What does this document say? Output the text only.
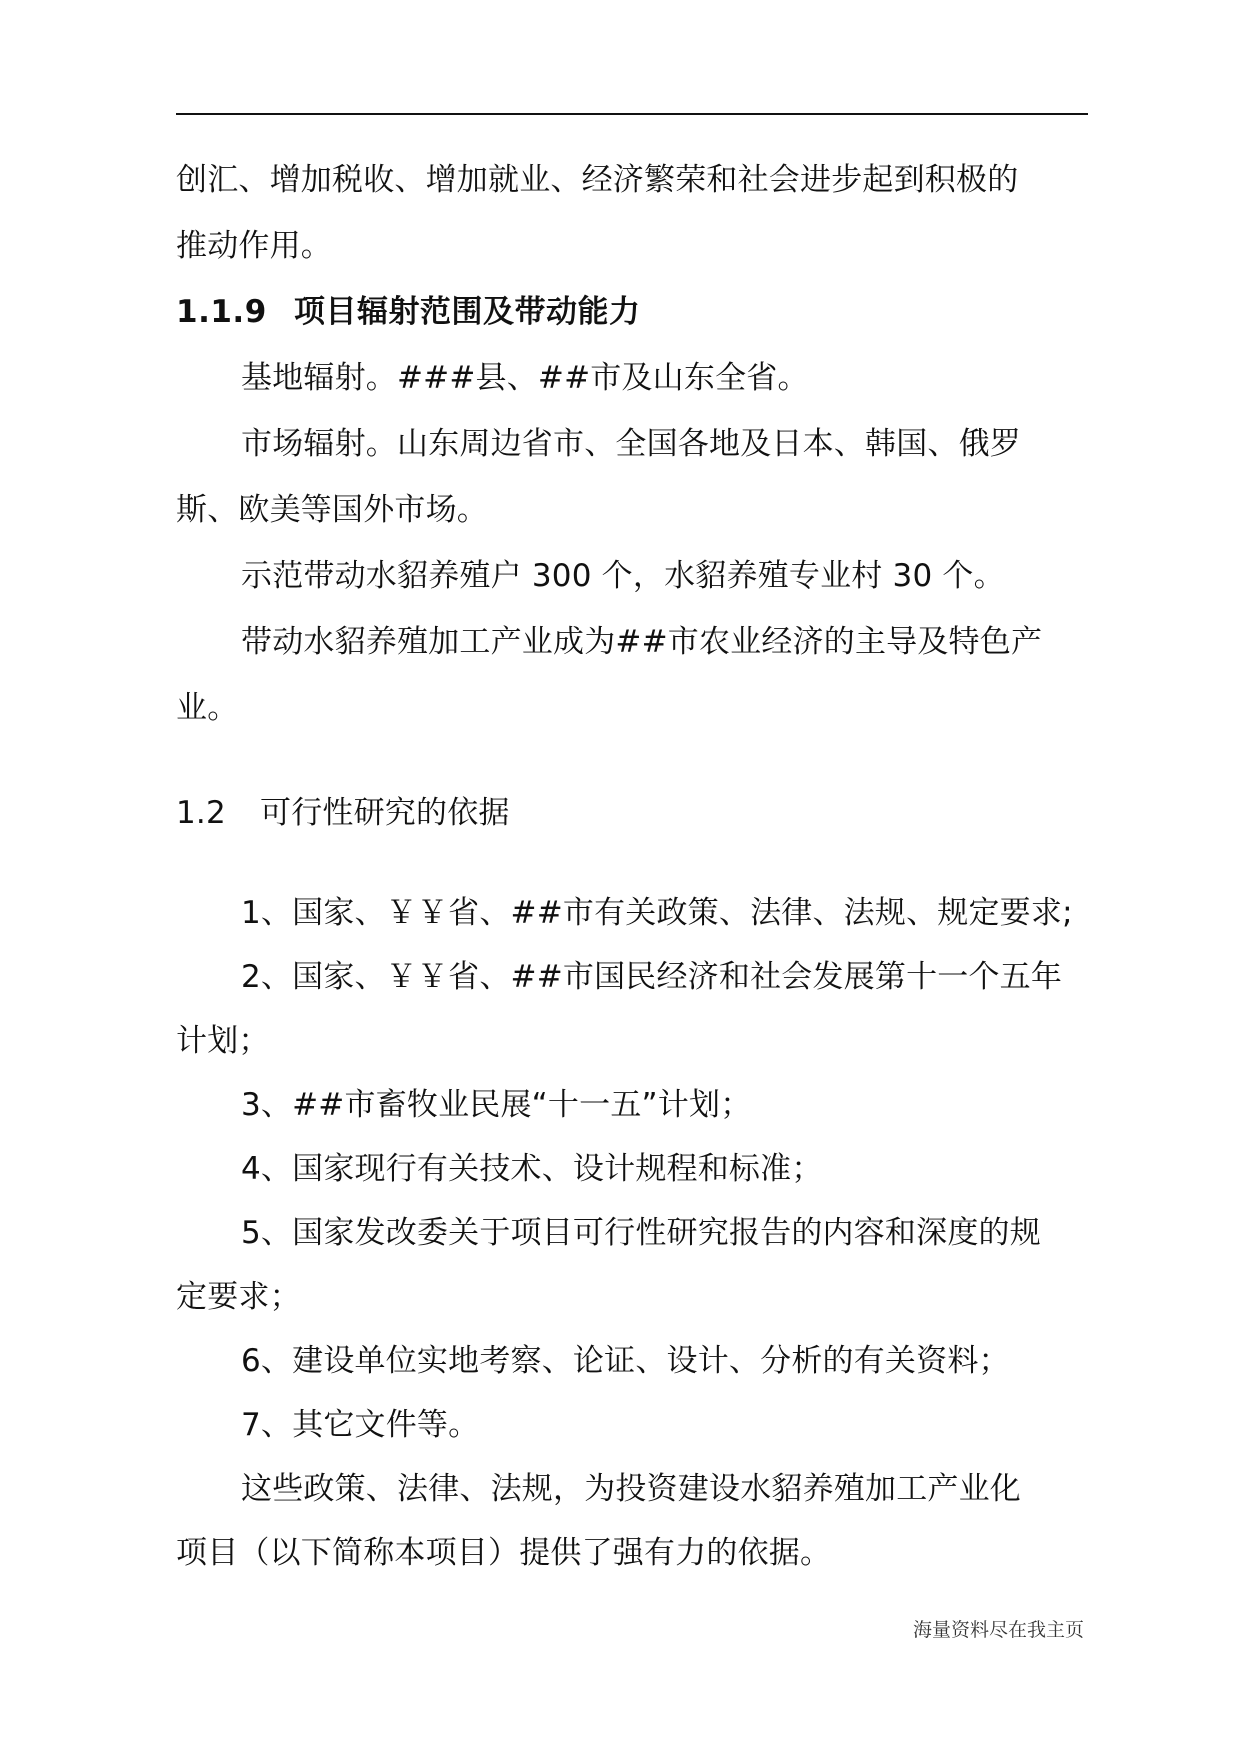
创汇、增加税收、增加就业、经济繁荣和社会进步起到积极的
推动作用。
1.1.9 项目辐射范围及带动能力
基地辐射。###县、##市及山东全省。
市场辐射。山东周边省市、全国各地及日本、韩国、俄罗
斯、欧美等国外市场。
示范带动水貂养殖户 300 个，水貂养殖专业村 30 个。
带动水貂养殖加工产业成为##市农业经济的主导及特色产
业。
1.2 可行性研究的依据
1、国家、￥￥省、##市有关政策、法律、法规、规定要求;
2、国家、￥￥省、##市国民经济和社会发展第十一个五年
计划；
3、##市畜牧业民展“十一五”计划；
4、国家现行有关技术、设计规程和标准；
5、国家发改委关于项目可行性研究报告的内容和深度的规
定要求；
6、建设单位实地考察、论证、设计、分析的有关资料；
7、其它文件等。
这些政策、法律、法规，为投资建设水貂养殖加工产业化
项目（以下简称本项目）提供了强有力的依据。
海量资料尽在我主页
